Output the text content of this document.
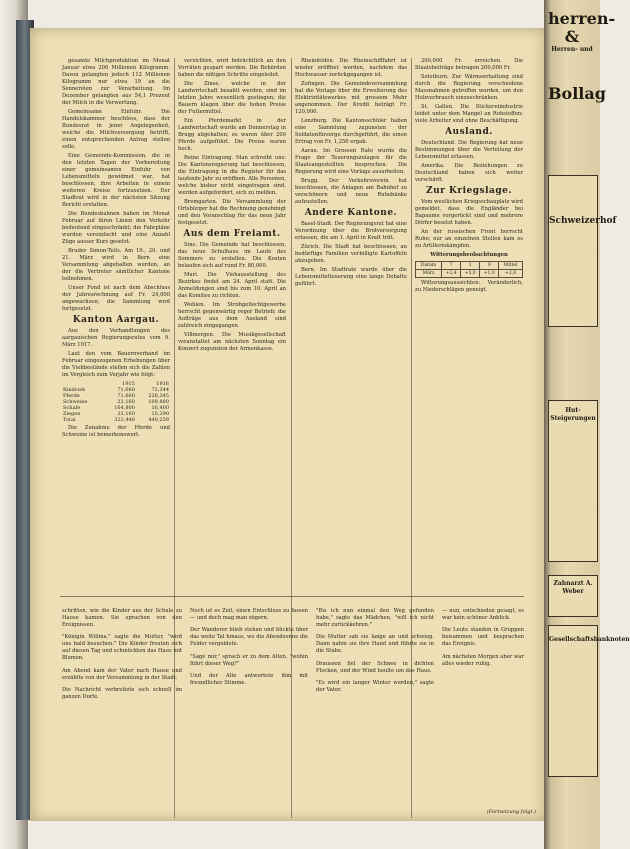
gesamte Milchproduktion im Monat Januar etwa 200 Millionen Kilogramm. Davon gelangten jedoch 112 Millionen Kilogramm nur etwa 19 an die Sennereien zur Verarbeitung. Im Dezember gelangten aus 54,1 Prozent der Milch in die Verwertung.

Gemeinsame Einfuhr. Die Handelskammer beschloss, dass der Bundesrat in jener Angelegenheit, welche die Milchversorgung betrifft, einen entsprechenden Antrag stellen solle.

Eine Gemeinde-Kommission, die in den letzten Tagen der Vorbereitung einer gemeinsamen Einfuhr von Lebensmitteln gewidmet war, hat beschlossen, ihre Arbeiten in einem weiteren Kreise fortzusetzen. Der Stadtrat wird in der nächsten Sitzung Bericht erstatten.

Die Bundesbahnen haben im Monat Februar auf ihren Linien den Verkehr bedeutend eingeschränkt; die Fahrpläne wurden vereinfacht und eine Anzahl Züge ausser Kurs gesetzt.

Bruder Simon-Teils. Am 19., 20. und 21. März wird in Bern eine Versammlung abgehalten werden, an der die Vertreter sämtlicher Kantone teilnehmen.

Unser Fond ist nach dem Abschluss der Jahresrechnung auf Fr. 24,000 angewachsen; die Sammlung wird fortgesetzt.

Kanton Aargau.

Aus den Verhandlungen des aargauischen Regierungsrates vom 9. März 1917.

Laut den vom Bauernverband im Februar eingezogenen Erhebungen über die Viehbestände stellen sich die Zahlen im Vergleich zum Vorjahr wie folgt:

	1915	1916
Rindvieh	71,660	72,344
Pferde	71,660	226,345
Schweine	22,160	109,880
Schafe	164,800	16,400
Ziegen	22,160	15,290
Total	322,440	440,259

Die Zunahme der Pferde und Schweine ist bemerkenswert.

verzichten, wird beträchtlich an den Vorräten gespart werden. Die Behörden haben die nötigen Schritte eingeleitet.

Die Zinse, welche in der Landwirtschaft bezahlt werden, sind im letzten Jahre wesentlich gestiegen; die Bauern klagen über die hohen Preise der Futtermittel.

Ein Pferdemarkt in der Landwirtschaft wurde am Donnerstag in Brugg abgehalten; es waren über 200 Pferde aufgeführt. Die Preise waren hoch.

Reine Eintragung. Man schreibt uns: Die Kantonsregierung hat beschlossen, die Eintragung in die Register für das laufende Jahr zu eröffnen. Alle Personen, welche bisher nicht eingetragen sind, werden aufgefordert, sich zu melden.

Bremgarten. Die Versammlung der Ortsbürger hat die Rechnung genehmigt und den Voranschlag für das neue Jahr festgesetzt.

Aus dem Freiamt.

Sins. Die Gemeinde hat beschlossen, das neue Schulhaus im Laufe des Sommers zu erstellen. Die Kosten belaufen sich auf rund Fr. 80,000.

Muri. Die Viehausstellung des Bezirkes findet am 24. April statt. Die Anmeldungen sind bis zum 10. April an das Komitee zu richten.

Wohlen. Im Strohgeflechtgewerbe herrscht gegenwärtig reger Betrieb; die Aufträge aus dem Ausland sind zahlreich eingegangen.

Villmergen. Die Musikgesellschaft veranstaltet am nächsten Sonntag ein Konzert zugunsten der Armenkasse.

Rheinfelden. Die Rheinschifffahrt ist wieder eröffnet worden, nachdem das Hochwasser zurückgegangen ist.

Zofingen. Die Gemeindeversammlung hat die Vorlage über die Erweiterung des Elektrizitätswerkes mit grossem Mehr angenommen. Der Kredit beträgt Fr. 120,000.

Lenzburg. Die Kantonsschüler haben eine Sammlung zugunsten der Soldatenfürsorge durchgeführt, die einen Ertrag von Fr. 1,250 ergab.

Aarau. Im Grossen Rate wurde die Frage der Teuerungszulagen für die Staatsangestellten besprochen. Die Regierung wird eine Vorlage ausarbeiten.

Brugg. Der Verkehrsverein hat beschlossen, die Anlagen am Bahnhof zu verschönern und neue Ruhebänke aufzustellen.

Andere Kantone.

Basel-Stadt. Der Regierungsrat hat eine Verordnung über die Brotversorgung erlassen, die am 1. April in Kraft tritt.

Zürich. Die Stadt hat beschlossen, an bedürftige Familien verbilligte Kartoffeln abzugeben.

Bern. Im Stadtrate wurde über die Lebensmittelteuerung eine lange Debatte geführt.

200,000 Fr. erreichen. Die Staatsbeiträge betragen 200,000 Fr.

Solothurn. Zur Wärmeerhaltung sind durch die Regierung verschiedene Massnahmen getroffen worden, um den Holzverbrauch einzuschränken.

St. Gallen. Die Stickereiindustrie leidet unter dem Mangel an Rohstoffen; viele Arbeiter sind ohne Beschäftigung.

Ausland.

Deutschland. Die Regierung hat neue Bestimmungen über die Verteilung der Lebensmittel erlassen.

Amerika. Die Beziehungen zu Deutschland haben sich weiter verschärft.

Zur Kriegslage.

Vom westlichen Kriegsschauplatz wird gemeldet, dass die Engländer bei Bapaume vorgerückt sind und mehrere Dörfer besetzt haben.

An der russischen Front herrscht Ruhe; nur an einzelnen Stellen kam es zu Artilleriekämpfen.

Witterungsbeobachtungen

Datum	7	1	9	Mittel
März	+2,4	+5,0	+1,0	+2,8

Witterungsaussichten: Veränderlich, zu Niederschlägen geneigt.

schritten, wie die Kinder aus der Schule zu Hause kamen. Sie sprachen von den Ereignissen.

"Königin Willma," sagte die Mutter, "wird uns bald besuchen." Die Kinder freuten sich auf diesen Tag und schmückten das Haus mit Blumen.

Am Abend kam der Vater nach Hause und erzählte von der Versammlung in der Stadt.

Die Nachricht verbreitete sich schnell im ganzen Dorfe.

Noch ist es Zeit, einen Entschluss zu fassen — und doch mag man zögern.

Der Wanderer blieb stehen und blickte über das weite Tal hinaus, wo die Abendsonne die Felder vergoldete.

"Sage mir," sprach er zu dem Alten, "wohin führt dieser Weg?"

Und der Alte antwortete ihm mit freundlicher Stimme.

"Bis ich nun einmal den Weg gefunden habe," sagte das Mädchen, "will ich nicht mehr zurückkehren."

Die Mutter sah sie lange an und schwieg. Dann nahm sie ihre Hand und führte sie in die Stube.

Draussen fiel der Schnee in dichten Flocken, und der Wind heulte um das Haus.

"Es wird ein langer Winter werden," sagte der Vater.

— nun, entschieden gesagt, es war kein schöner Anblick.

Die Leute standen in Gruppen beisammen und besprachen das Ereignis.

Am nächsten Morgen aber war alles wieder ruhig.

(Fortsetzung folgt.)
herren- &
Herren- und
Bollag
Schweizerhof
Hut-Steigerungen
Zahnarzt A. Weber
Gesellschaftsbanknoten
